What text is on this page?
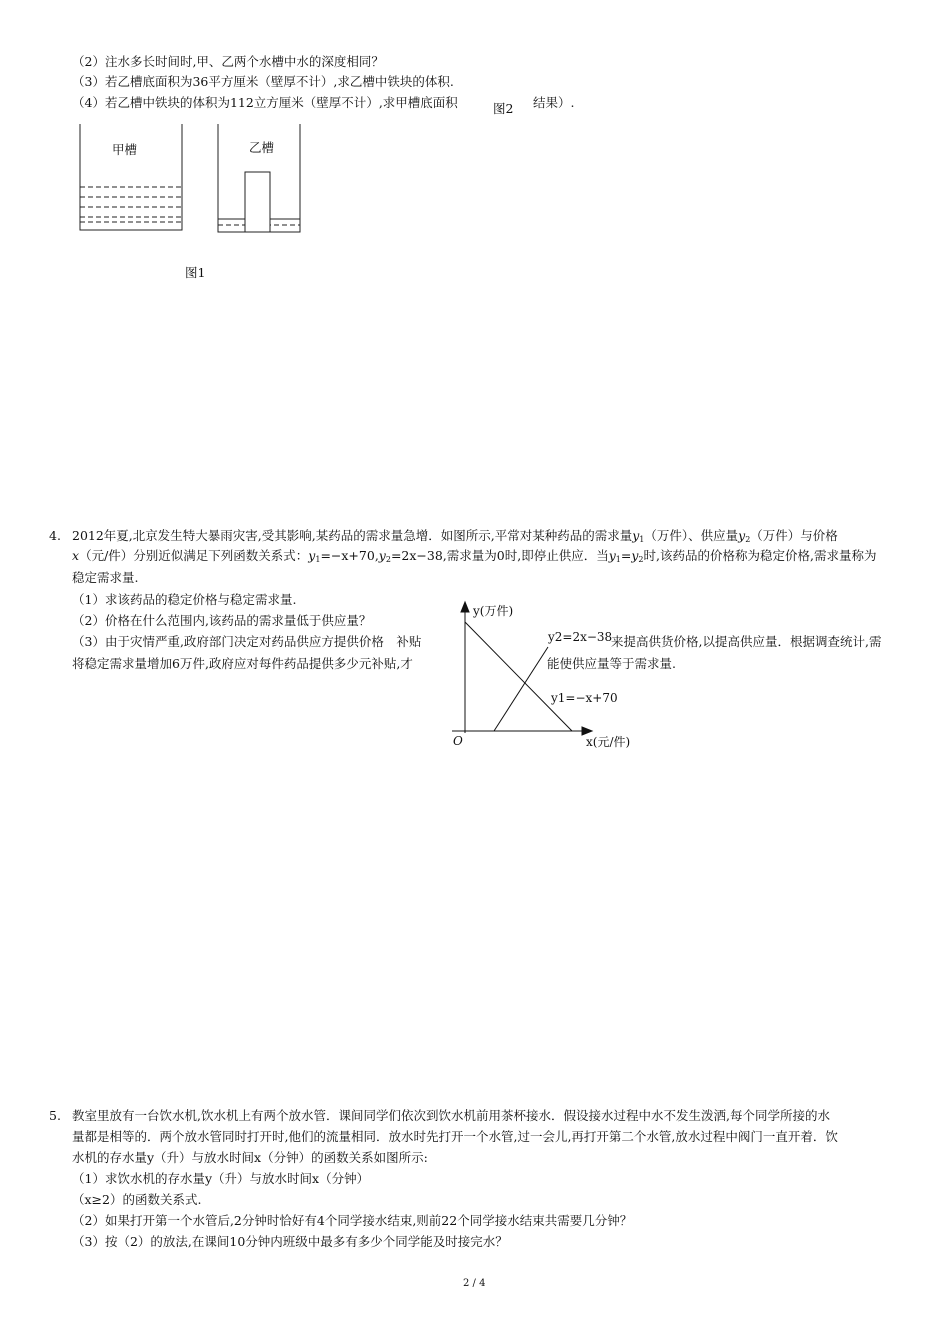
（2）注水多长时间时,甲、乙两个水槽中水的深度相同？
（3）若乙槽底面积为36平方厘米（壁厚不计）,求乙槽中铁块的体积.
（4）若乙槽中铁块的体积为112立方厘米（壁厚不计）,求甲槽底面积	图2 结果）.
甲槽	乙槽
图1
4. 2012年夏,北京发生特大暴雨灾害,受其影响,某药品的需求量急增．如图所示,平常对某种药品的需求量$y_1$（万件）、供应量$y_2$（万件）与价格
x（元/件）分别近似满足下列函数关系式：$y_1=-x+70,y_2=2x-38$,需求量为0时,即停止供应．当$y_1=y_2$时,该药品的价格称为稳定价格,需求量称为
稳定需求量.
（1）求该药品的稳定价格与稳定需求量.
（2）价格在什么范围内,该药品的需求量低于供应量？
（3）由于灾情严重,政府部门决定对药品供应方提供价格　补贴	来提高供货价格,以提高供应量．根据调查统计,需
将稳定需求量增加6万件,政府应对每件药品提供多少元补贴,才	能使供应量等于需求量.
y(万件)
O	x(元/件)
y2=2x−38
y1=−x+70
5. 教室里放有一台饮水机,饮水机上有两个放水管．课间同学们依次到饮水机前用茶杯接水．假设接水过程中水不发生泼洒,每个同学所接的水
量都是相等的．两个放水管同时打开时,他们的流量相同．放水时先打开一个水管,过一会儿,再打开第二个水管,放水过程中阀门一直开着．饮
水机的存水量y（升）与放水时间x（分钟）的函数关系如图所示:
（1）求饮水机的存水量y（升）与放水时间x（分钟）
（x≥2）的函数关系式.
（2）如果打开第一个水管后,2分钟时恰好有4个同学接水结束,则前22个同学接水结束共需要几分钟？
（3）按（2）的放法,在课间10分钟内班级中最多有多少个同学能及时接完水？
2 / 4
